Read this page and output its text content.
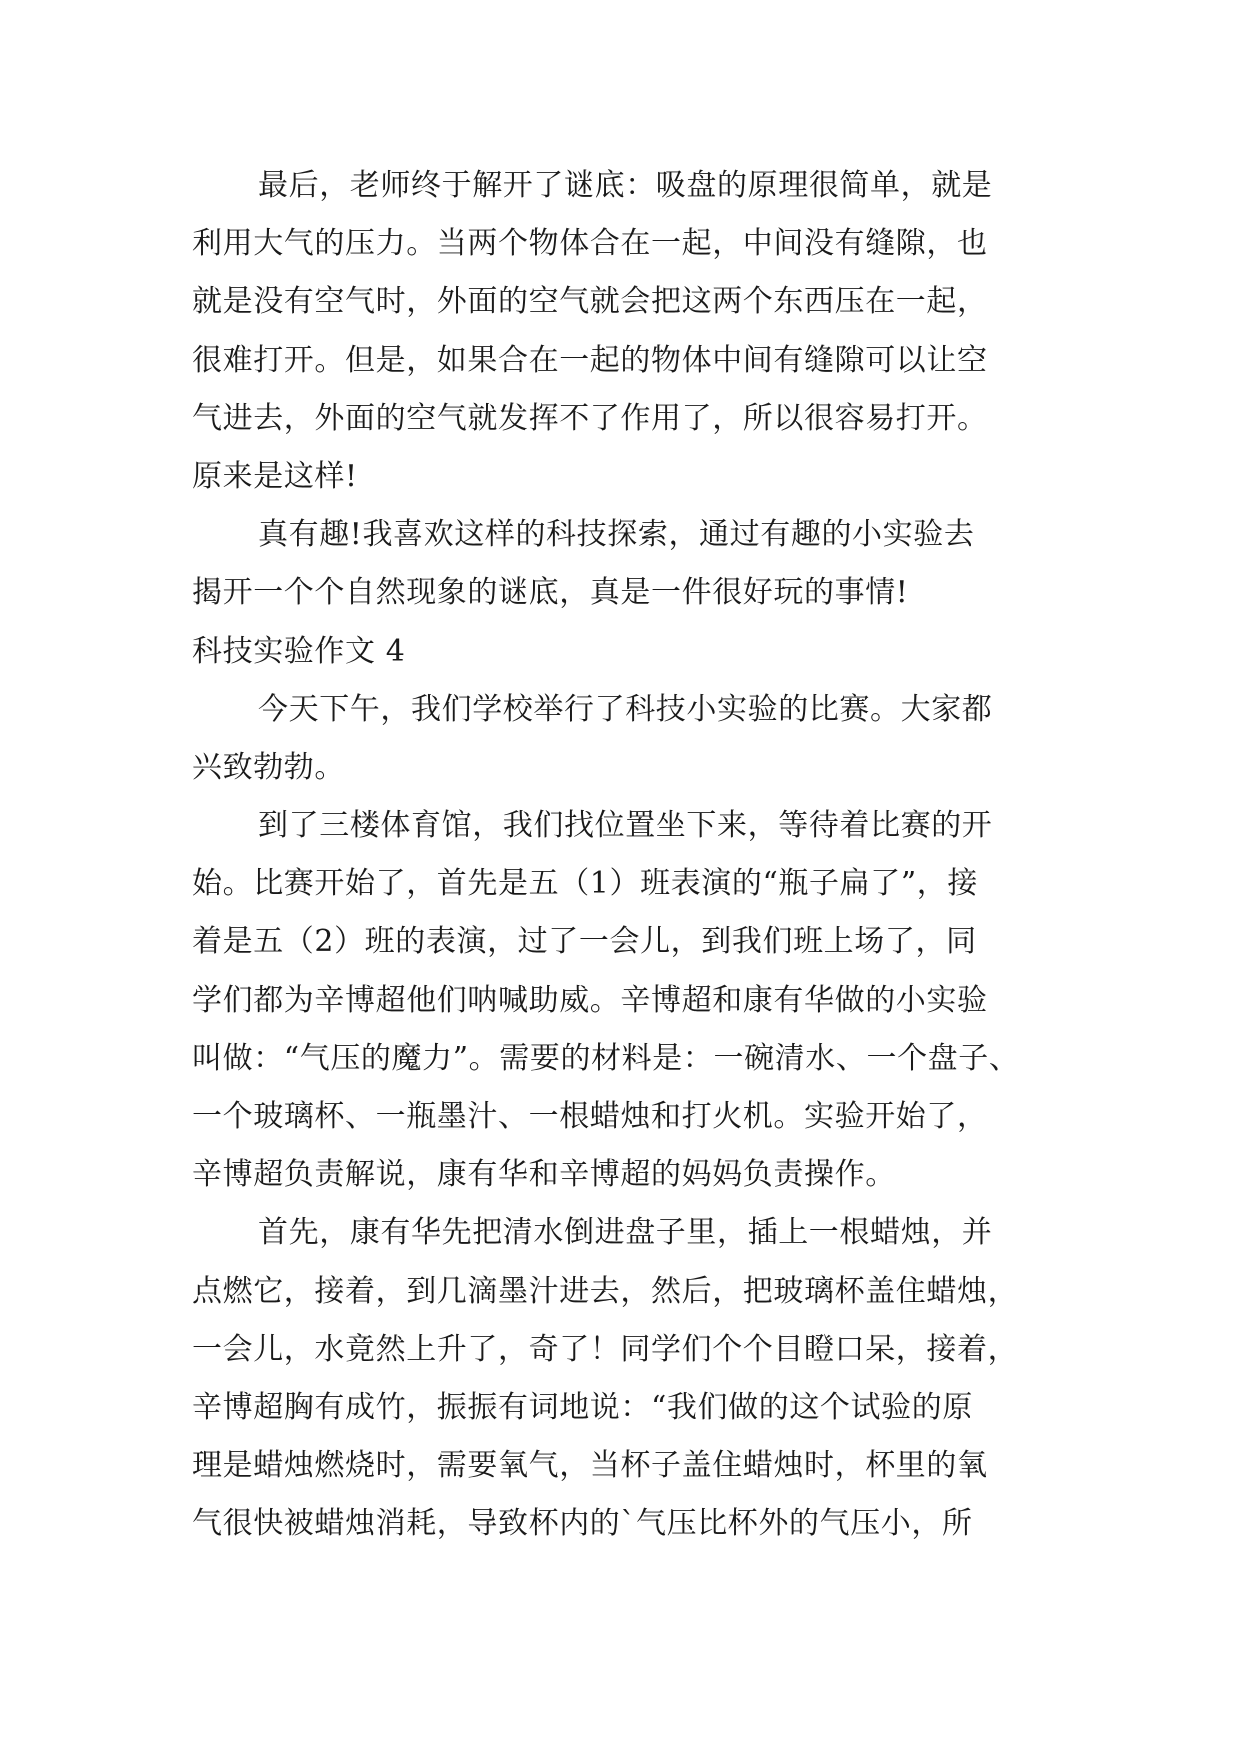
最后，老师终于解开了谜底：吸盘的原理很简单，就是
利用大气的压力。当两个物体合在一起，中间没有缝隙，也
就是没有空气时，外面的空气就会把这两个东西压在一起，
很难打开。但是，如果合在一起的物体中间有缝隙可以让空
气进去，外面的空气就发挥不了作用了，所以很容易打开。
原来是这样!
真有趣!我喜欢这样的科技探索，通过有趣的小实验去
揭开一个个自然现象的谜底，真是一件很好玩的事情!
科技实验作文 4
今天下午，我们学校举行了科技小实验的比赛。大家都
兴致勃勃。
到了三楼体育馆，我们找位置坐下来，等待着比赛的开
始。比赛开始了，首先是五（1）班表演的“瓶子扁了”，接
着是五（2）班的表演，过了一会儿，到我们班上场了，同
学们都为辛博超他们呐喊助威。辛博超和康有华做的小实验
叫做：“气压的魔力”。需要的材料是：一碗清水、一个盘子、
一个玻璃杯、一瓶墨汁、一根蜡烛和打火机。实验开始了，
辛博超负责解说，康有华和辛博超的妈妈负责操作。
首先，康有华先把清水倒进盘子里，插上一根蜡烛，并
点燃它，接着，到几滴墨汁进去，然后，把玻璃杯盖住蜡烛，
一会儿，水竟然上升了，奇了！同学们个个目瞪口呆，接着，
辛博超胸有成竹，振振有词地说：“我们做的这个试验的原
理是蜡烛燃烧时，需要氧气，当杯子盖住蜡烛时，杯里的氧
气很快被蜡烛消耗，导致杯内的`气压比杯外的气压小，所
